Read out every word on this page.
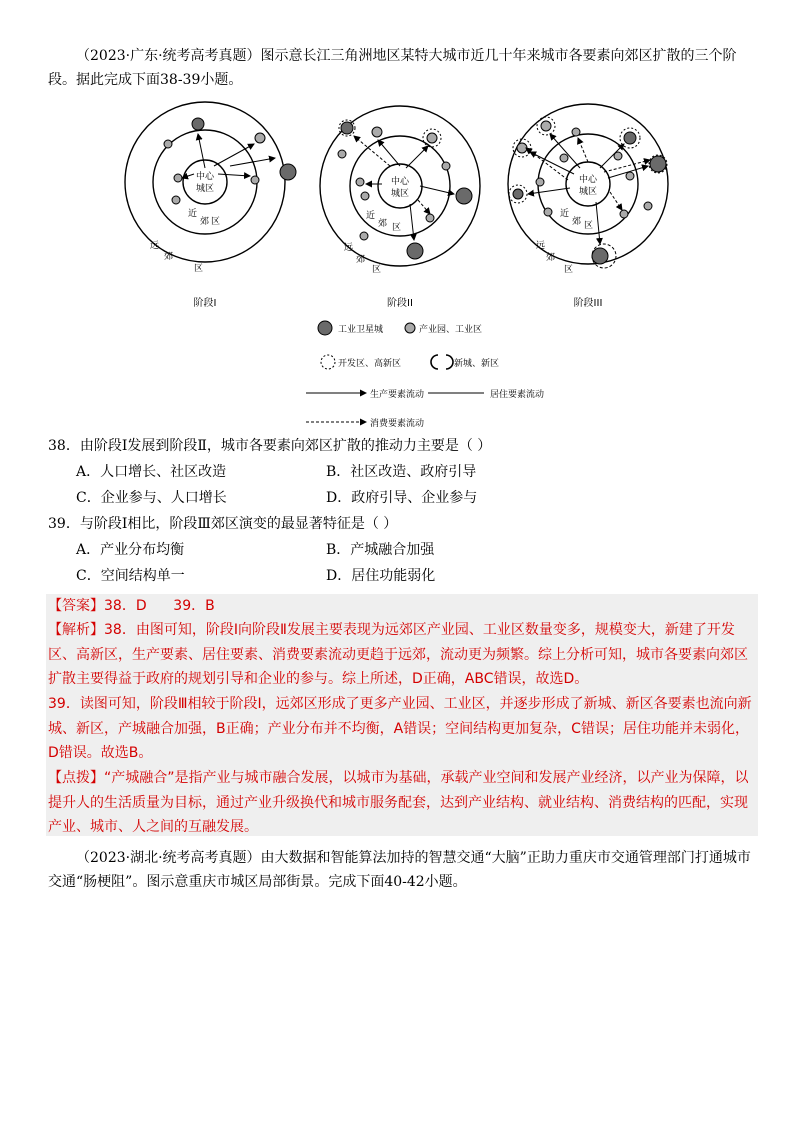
（2023·广东·统考高考真题）图示意长江三角洲地区某特大城市近几十年来城市各要素向郊区扩散的三个阶段。据此完成下面38-39小题。
中心
城区
近
郊 区
远
郊
区
阶段I
中心
城区
近
郊 区
远
郊
区
阶段II
中心
城区
近
郊 区
远
郊
区
阶段III
工业卫星城	产业园、工业区
开发区、高新区	新城、新区
生产要素流动	居住要素流动
消费要素流动
38．由阶段Ⅰ发展到阶段Ⅱ，城市各要素向郊区扩散的推动力主要是（ ）
A．人口增长、社区改造	B．社区改造、政府引导
C．企业参与、人口增长	D．政府引导、企业参与
39．与阶段Ⅰ相比，阶段Ⅲ郊区演变的最显著特征是（ ）
A．产业分布均衡	B．产城融合加强
C．空间结构单一	D．居住功能弱化
【答案】38．D      39．B
【解析】38．由图可知，阶段Ⅰ向阶段Ⅱ发展主要表现为远郊区产业园、工业区数量变多，规模变大，新建了开发区、高新区，生产要素、居住要素、消费要素流动更趋于远郊，流动更为频繁。综上分析可知，城市各要素向郊区扩散主要得益于政府的规划引导和企业的参与。综上所述，D正确，ABC错误，故选D。
39．读图可知，阶段Ⅲ相较于阶段Ⅰ，远郊区形成了更多产业园、工业区，并逐步形成了新城、新区各要素也流向新城、新区，产城融合加强，B正确；产业分布并不均衡，A错误；空间结构更加复杂，C错误；居住功能并未弱化，D错误。故选B。
【点拨】“产城融合”是指产业与城市融合发展，以城市为基础，承载产业空间和发展产业经济，以产业为保障，以提升人的生活质量为目标，通过产业升级换代和城市服务配套，达到产业结构、就业结构、消费结构的匹配，实现产业、城市、人之间的互融发展。
（2023·湖北·统考高考真题）由大数据和智能算法加持的智慧交通“大脑”正助力重庆市交通管理部门打通城市交通“肠梗阻”。图示意重庆市城区局部街景。完成下面40-42小题。
